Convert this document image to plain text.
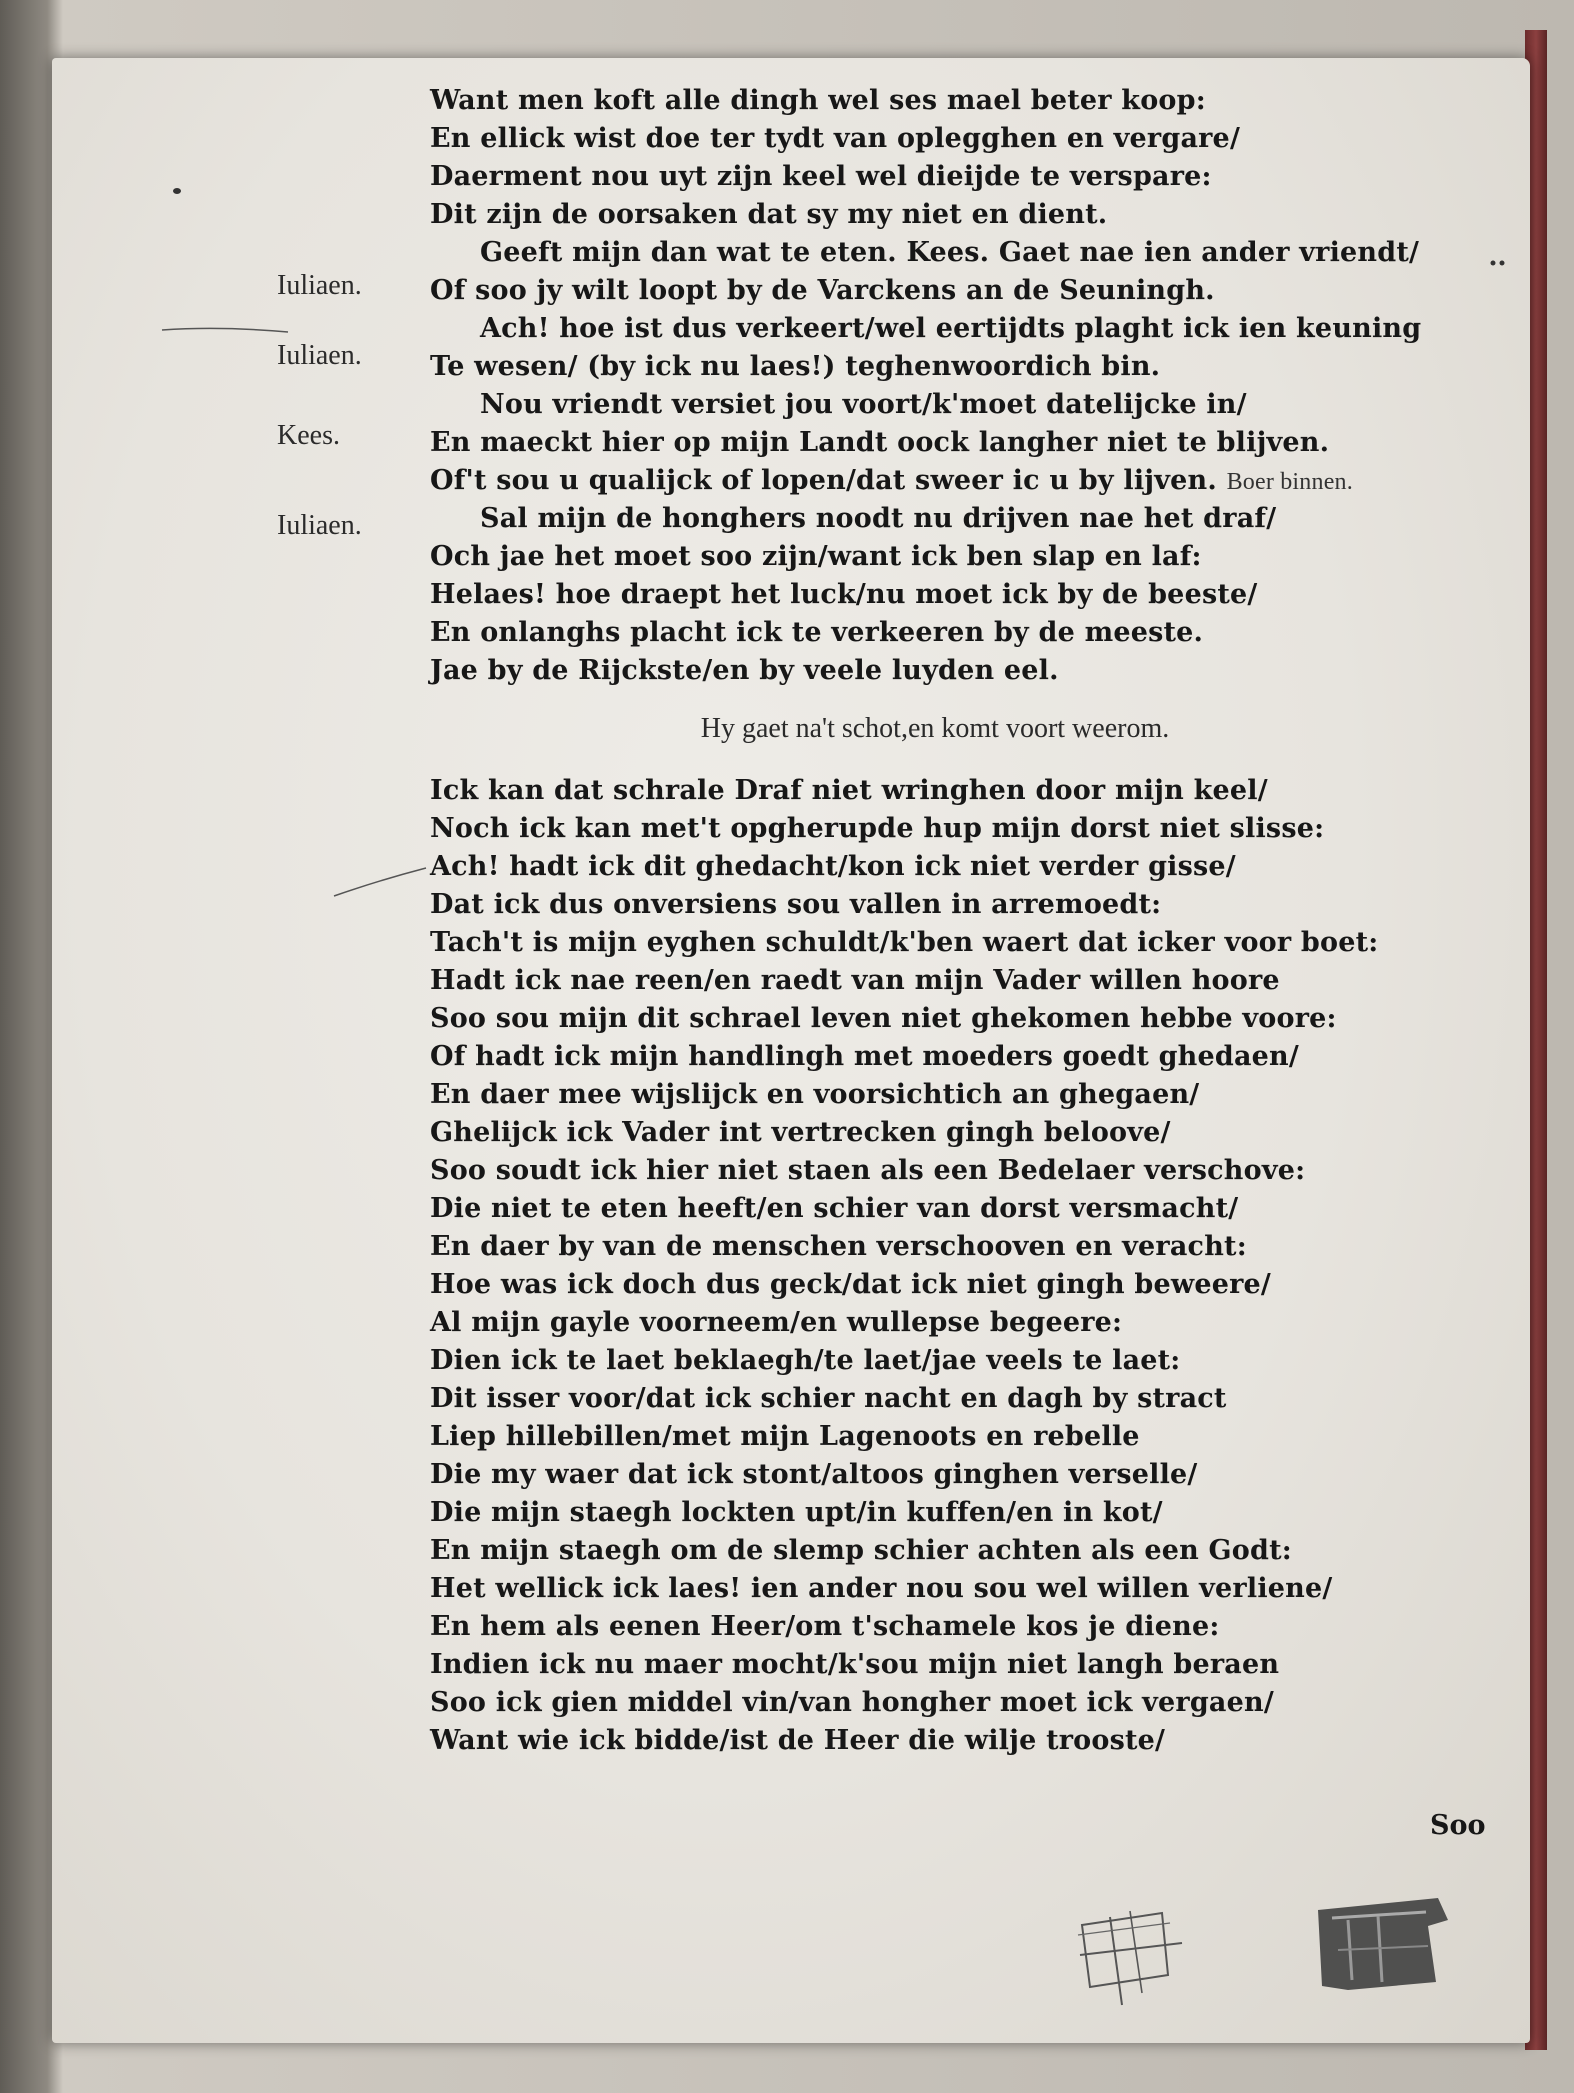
Iuliaen.
Iuliaen.
Kees.
Iuliaen.
Want men koft alle dingh wel ses mael beter koop:
En ellick wist doe ter tydt van oplegghen en vergare/
Daerment nou uyt zijn keel wel dieijde te verspare:
Dit zijn de oorsaken dat sy my niet en dient.
Geeft mijn dan wat te eten. Kees. Gaet nae ien ander vriendt/
Of soo jy wilt loopt by de Varckens an de Seuningh.
Ach! hoe ist dus verkeert/wel eertijdts plaght ick ien keuning
Te wesen/ (by ick nu laes!) teghenwoordich bin.
Nou vriendt versiet jou voort/k'moet datelijcke in/
En maeckt hier op mijn Landt oock langher niet te blijven.
Of't sou u qualijck of lopen/dat sweer ic u by lijven. Boer binnen.
Sal mijn de honghers noodt nu drijven nae het draf/
Och jae het moet soo zijn/want ick ben slap en laf:
Helaes! hoe draept het luck/nu moet ick by de beeste/
En onlanghs placht ick te verkeeren by de meeste.
Jae by de Rijckste/en by veele luyden eel.
Hy gaet na't schot,en komt voort weerom.
Ick kan dat schrale Draf niet wringhen door mijn keel/
Noch ick kan met't opgherupde hup mijn dorst niet slisse:
Ach! hadt ick dit ghedacht/kon ick niet verder gisse/
Dat ick dus onversiens sou vallen in arremoedt:
Tach't is mijn eyghen schuldt/k'ben waert dat icker voor boet:
Hadt ick nae reen/en raedt van mijn Vader willen hoore
Soo sou mijn dit schrael leven niet ghekomen hebbe voore:
Of hadt ick mijn handlingh met moeders goedt ghedaen/
En daer mee wijslijck en voorsichtich an ghegaen/
Ghelijck ick Vader int vertrecken gingh beloove/
Soo soudt ick hier niet staen als een Bedelaer verschove:
Die niet te eten heeft/en schier van dorst versmacht/
En daer by van de menschen verschooven en veracht:
Hoe was ick doch dus geck/dat ick niet gingh beweere/
Al mijn gayle voorneem/en wullepse begeere:
Dien ick te laet beklaegh/te laet/jae veels te laet:
Dit isser voor/dat ick schier nacht en dagh by stract
Liep hillebillen/met mijn Lagenoots en rebelle
Die my waer dat ick stont/altoos ginghen verselle/
Die mijn staegh lockten upt/in kuffen/en in kot/
En mijn staegh om de slemp schier achten als een Godt:
Het wellick ick laes! ien ander nou sou wel willen verliene/
En hem als eenen Heer/om t'schamele kos je diene:
Indien ick nu maer mocht/k'sou mijn niet langh beraen
Soo ick gien middel vin/van hongher moet ick vergaen/
Want wie ick bidde/ist de Heer die wilje trooste/
Soo
